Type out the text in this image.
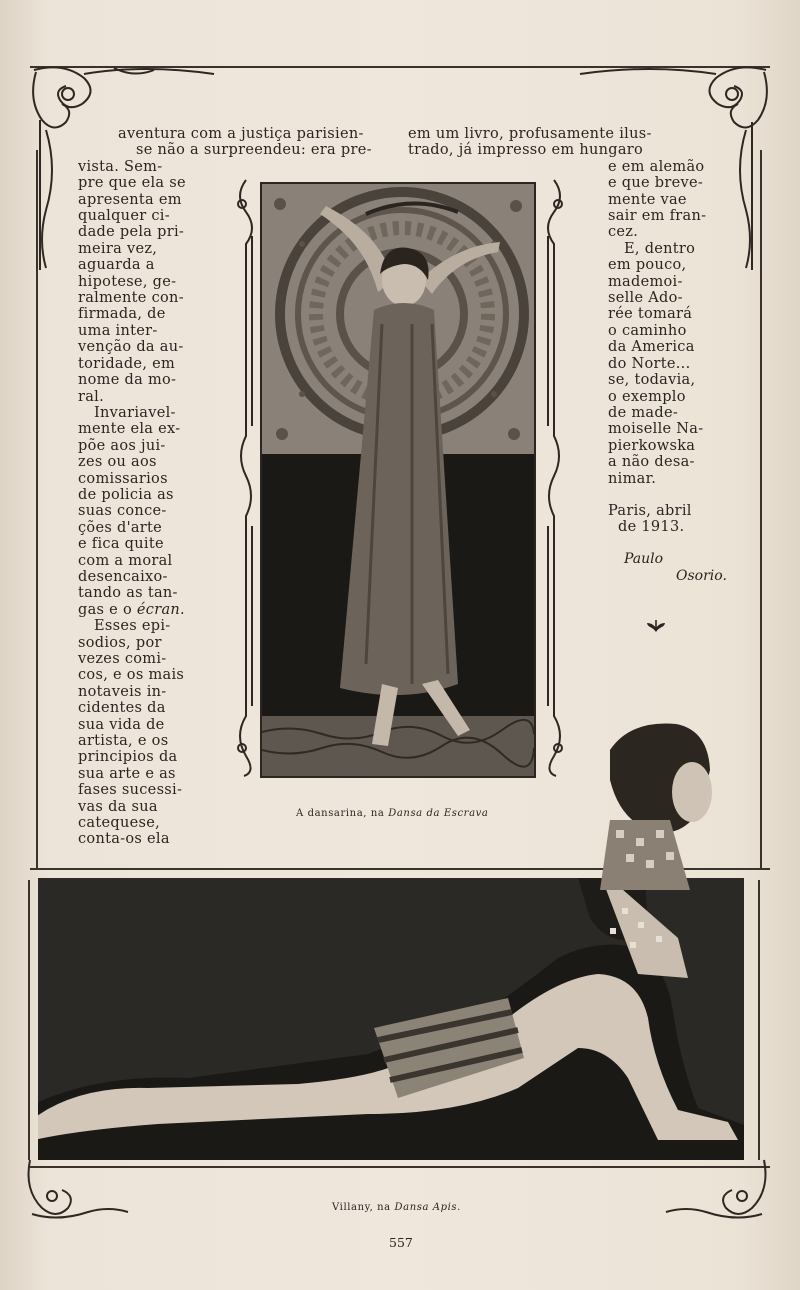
aventura com a justiça parisien-
se não a surpreendeu: era pre-
vista. Sem-
pre que ela se
apresenta em
qualquer ci-
dade pela pri-
meira vez,
aguarda a
hipotese, ge-
ralmente con-
firmada, de
uma inter-
venção da au-
toridade, em
nome da mo-
ral.
Invariavel-
mente ela ex-
põe aos jui-
zes ou aos
comissarios
de policia as
suas conce-
ções d'arte
e fica quite
com a moral
desencaixo-
tando as tan-
gas e o écran.
Esses epi-
sodios, por
vezes comi-
cos, e os mais
notaveis in-
cidentes da
sua vida de
artista, e os
principios da
sua arte e as
fases sucessi-
vas da sua
catequese,
conta-os ela
em um livro, profusamente ilus-
trado, já impresso em hungaro
e em alemão
e que breve-
mente vae
sair em fran-
cez.
E, dentro
em pouco,
mademoi-
selle Ado-
rée tomará
o caminho
da America
do Norte...
se, todavia,
o exemplo
de made-
moiselle Na-
pierkowska
a não desa-
nimar.
Paris, abril
de 1913.
Paulo
Osorio.
A dansarina, na Dansa da Escrava
Villany, na Dansa Apis.
557
